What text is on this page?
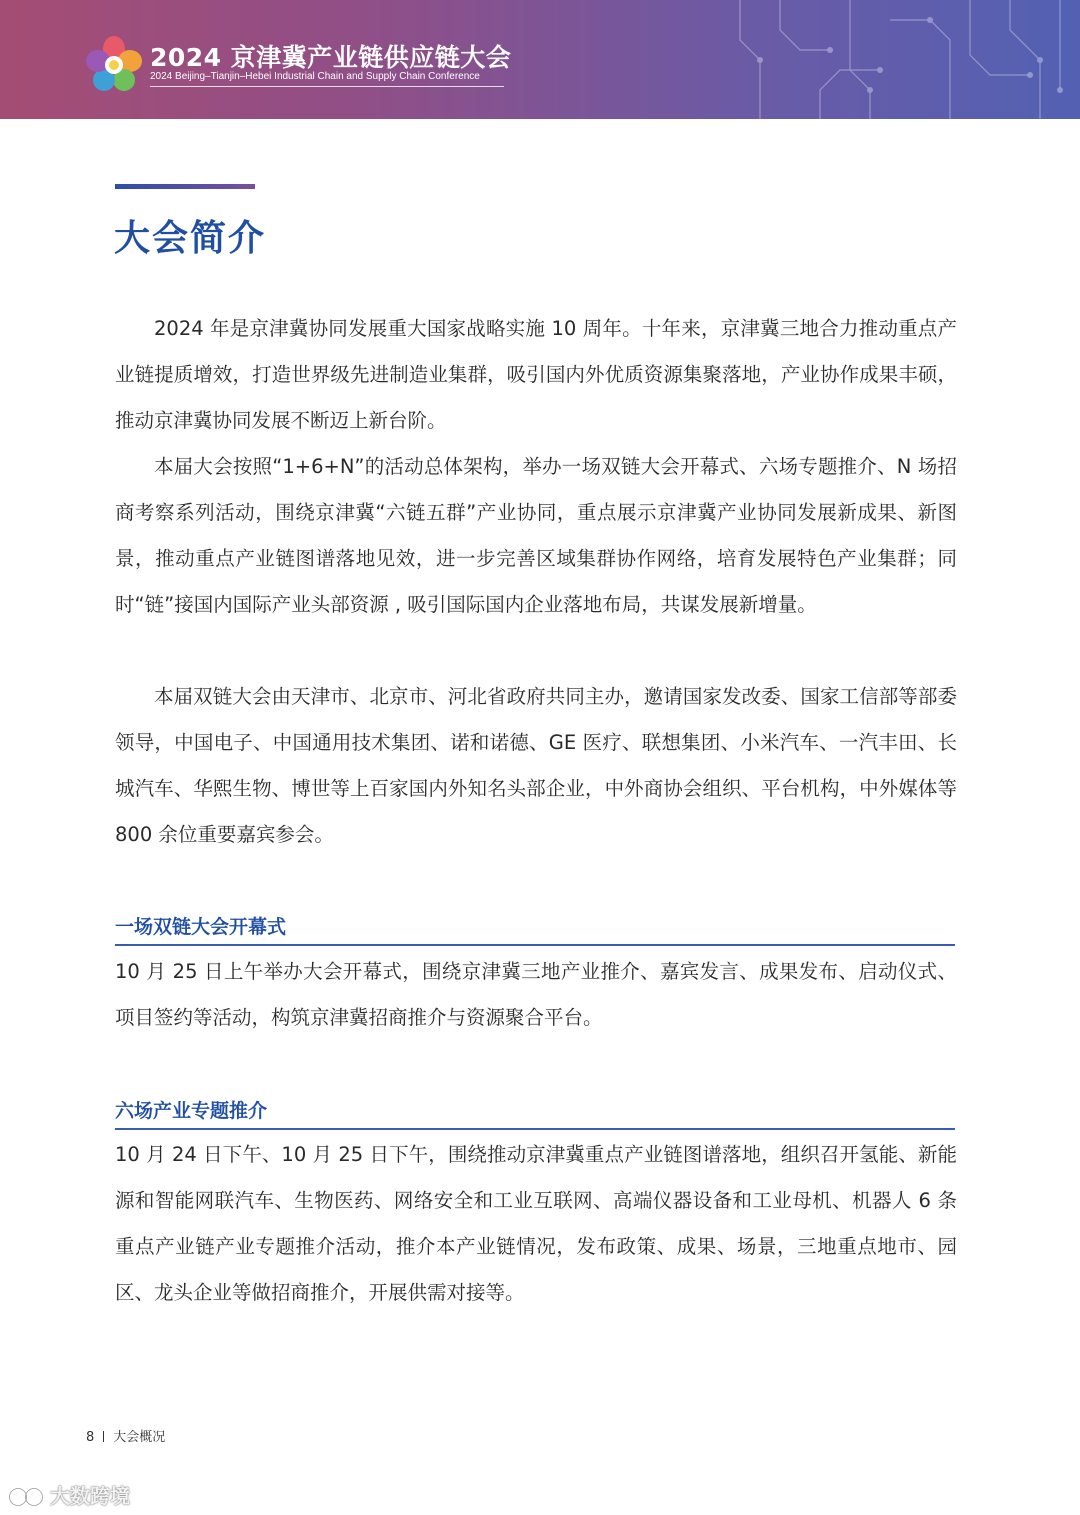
2024 京津冀产业链供应链大会
2024 Beijing–Tianjin–Hebei Industrial Chain and Supply Chain Conference
大会简介

2024 年是京津冀协同发展重大国家战略实施 10 周年。十年来，京津冀三地合力推动重点产业链提质增效，打造世界级先进制造业集群，吸引国内外优质资源集聚落地，产业协作成果丰硕，推动京津冀协同发展不断迈上新台阶。

本届大会按照“1+6+N”的活动总体架构，举办一场双链大会开幕式、六场专题推介、N 场招商考察系列活动，围绕京津冀“六链五群”产业协同，重点展示京津冀产业协同发展新成果、新图景，推动重点产业链图谱落地见效，进一步完善区域集群协作网络，培育发展特色产业集群；同时“链”接国内国际产业头部资源 , 吸引国际国内企业落地布局，共谋发展新增量。

本届双链大会由天津市、北京市、河北省政府共同主办，邀请国家发改委、国家工信部等部委领导，中国电子、中国通用技术集团、诺和诺德、GE 医疗、联想集团、小米汽车、一汽丰田、长城汽车、华熙生物、博世等上百家国内外知名头部企业，中外商协会组织、平台机构，中外媒体等 800 余位重要嘉宾参会。

一场双链大会开幕式

10 月 25 日上午举办大会开幕式，围绕京津冀三地产业推介、嘉宾发言、成果发布、启动仪式、项目签约等活动，构筑京津冀招商推介与资源聚合平台。

六场产业专题推介

10 月 24 日下午、10 月 25 日下午，围绕推动京津冀重点产业链图谱落地，组织召开氢能、新能源和智能网联汽车、生物医药、网络安全和工业互联网、高端仪器设备和工业母机、机器人 6 条重点产业链产业专题推介活动，推介本产业链情况，发布政策、成果、场景，三地重点地市、园区、龙头企业等做招商推介，开展供需对接等。

8 大会概况
大数跨境
